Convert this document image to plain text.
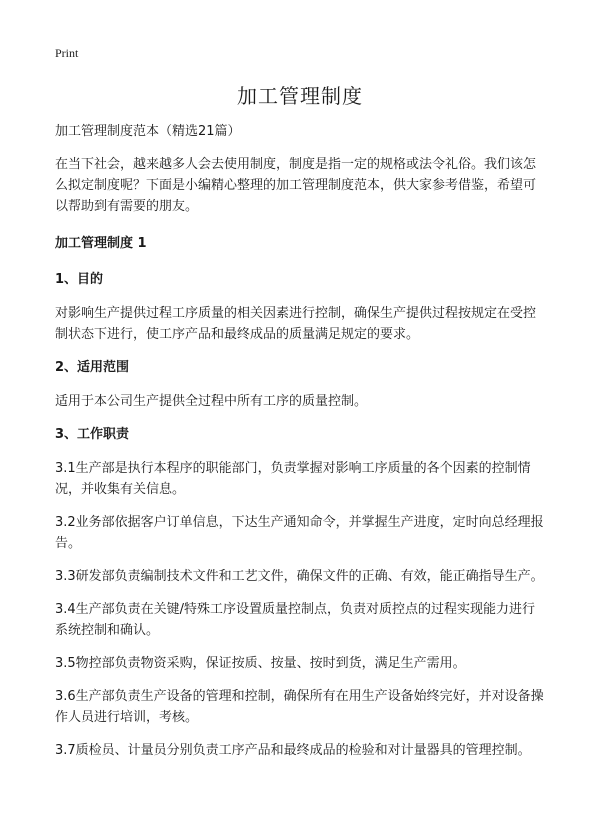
Print
加工管理制度

加工管理制度范本（精选21篇）

在当下社会，越来越多人会去使用制度，制度是指一定的规格或法令礼俗。我们该怎么拟定制度呢？下面是小编精心整理的加工管理制度范本，供大家参考借鉴，希望可以帮助到有需要的朋友。

加工管理制度 1

1、目的

对影响生产提供过程工序质量的相关因素进行控制，确保生产提供过程按规定在受控制状态下进行，使工序产品和最终成品的质量满足规定的要求。

2、适用范围

适用于本公司生产提供全过程中所有工序的质量控制。

3、工作职责

3.1生产部是执行本程序的职能部门，负责掌握对影响工序质量的各个因素的控制情况，并收集有关信息。

3.2业务部依据客户订单信息，下达生产通知命令，并掌握生产进度，定时向总经理报告。

3.3研发部负责编制技术文件和工艺文件，确保文件的正确、有效，能正确指导生产。

3.4生产部负责在关键/特殊工序设置质量控制点，负责对质控点的过程实现能力进行系统控制和确认。

3.5物控部负责物资采购，保证按质、按量、按时到货，满足生产需用。

3.6生产部负责生产设备的管理和控制，确保所有在用生产设备始终完好，并对设备操作人员进行培训，考核。

3.7质检员、计量员分别负责工序产品和最终成品的检验和对计量器具的管理控制。
